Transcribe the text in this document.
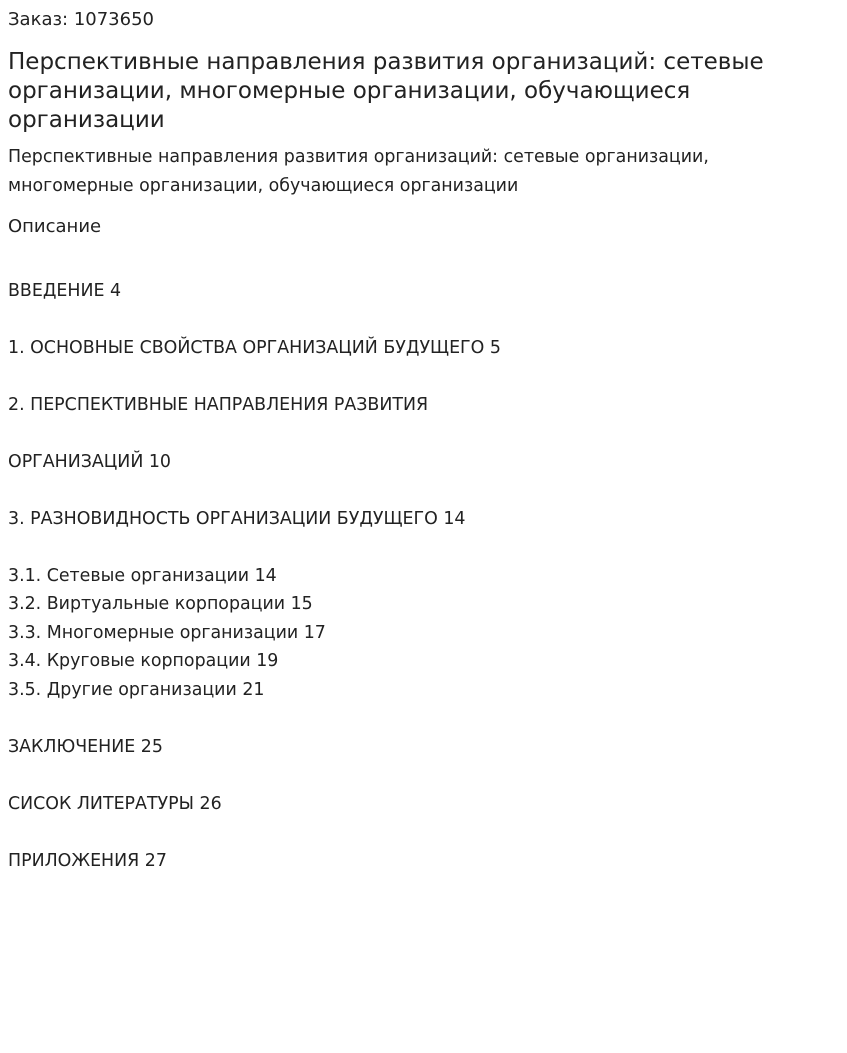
Заказ: 1073650
Перспективные направления развития организаций: сетевые организации, многомерные организации, обучающиеся организации
Перспективные направления развития организаций: сетевые организации, многомерные организации, обучающиеся организации
Описание
ВВЕДЕНИЕ 4
1. ОСНОВНЫЕ СВОЙСТВА ОРГАНИЗАЦИЙ БУДУЩЕГО 5
2. ПЕРСПЕКТИВНЫЕ НАПРАВЛЕНИЯ РАЗВИТИЯ
ОРГАНИЗАЦИЙ 10
3. РАЗНОВИДНОСТЬ ОРГАНИЗАЦИИ БУДУЩЕГО 14
3.1. Сетевые организации 14
3.2. Виртуальные корпорации 15
3.3. Многомерные организации 17
3.4. Круговые корпорации 19
3.5. Другие организации 21
ЗАКЛЮЧЕНИЕ 25
СИСОК ЛИТЕРАТУРЫ 26
ПРИЛОЖЕНИЯ 27
